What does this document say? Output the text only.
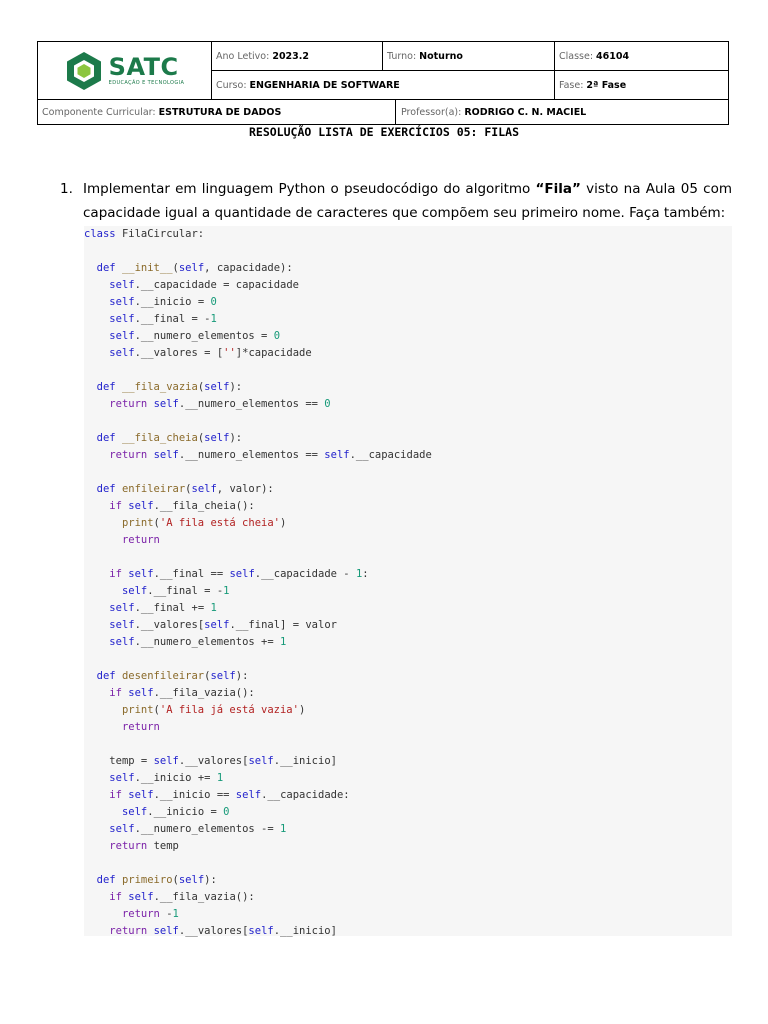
SATC
EDUCAÇÃO E TECNOLOGIA
Ano Letivo: 2023.2	Turno: Noturno	Classe: 46104
Curso: ENGENHARIA DE SOFTWARE	Fase: 2ª Fase
Componente Curricular: ESTRUTURA DE DADOS	Professor(a): RODRIGO C. N. MACIEL
RESOLUÇÃO LISTA DE EXERCÍCIOS 05: FILAS
1. Implementar em linguagem Python o pseudocódigo do algoritmo “Fila” visto na Aula 05 com capacidade igual a quantidade de caracteres que compõem seu primeiro nome. Faça também:
class FilaCircular:
def __init__(self, capacidade):
self.__capacidade = capacidade
self.__inicio = 0
self.__final = -1
self.__numero_elementos = 0
self.__valores = ['']*capacidade
def __fila_vazia(self):
return self.__numero_elementos == 0
def __fila_cheia(self):
return self.__numero_elementos == self.__capacidade
def enfileirar(self, valor):
if self.__fila_cheia():
print('A fila está cheia')
return
if self.__final == self.__capacidade - 1:
self.__final = -1
self.__final += 1
self.__valores[self.__final] = valor
self.__numero_elementos += 1
def desenfileirar(self):
if self.__fila_vazia():
print('A fila já está vazia')
return
temp = self.__valores[self.__inicio]
self.__inicio += 1
if self.__inicio == self.__capacidade:
self.__inicio = 0
self.__numero_elementos -= 1
return temp
def primeiro(self):
if self.__fila_vazia():
return -1
return self.__valores[self.__inicio]
